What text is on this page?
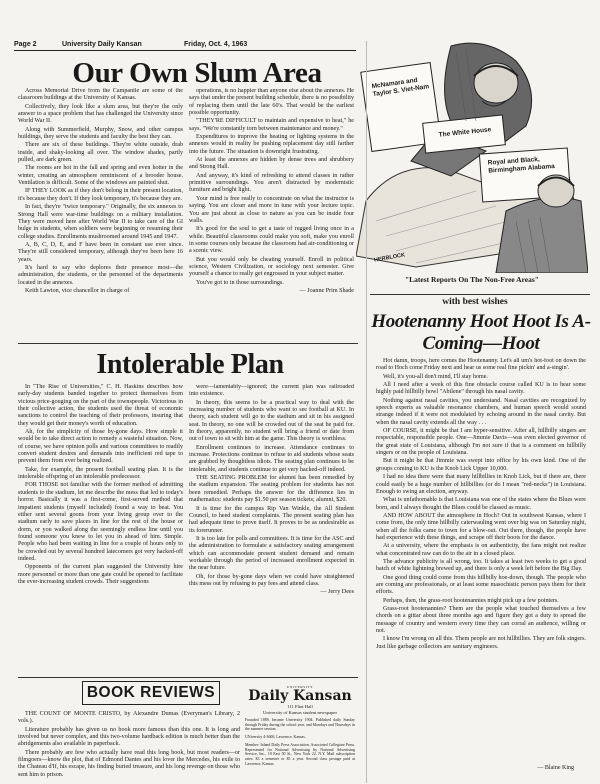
Page 2	University Daily Kansan	Friday, Oct. 4, 1963
Our Own Slum Area

Across Memorial Drive from the Campanile are some of the classroom buildings at the University of Kansas.

Collectively, they look like a slum area, but they're the only answer to a space problem that has challenged the University since World War II.

Along with Summerfield, Murphy, Snow, and other campus buildings, they serve the students and faculty the best they can.

There are six of these buildings. They're white outside, drab inside, and shaky-looking all over. The window shades, partly pulled, are dark green.

The rooms are hot in the fall and spring and even hotter in the winter, creating an atmosphere reminiscent of a brooder house. Ventilation is difficult. Some of the windows are painted shut.

IF THEY LOOK as if they don't belong in their present location, it's because they don't. If they look temporary, it's because they are.

In fact, they're "twice temporary." Originally, the six annexes to Strong Hall were war-time buildings on a military installation. They were moved here after World War II to take care of the GI bulge in students, when soldiers were beginning or resuming their college studies. Enrollments mushroomed around 1945 and 1947.

A, B, C, D, E, and F have been in constant use ever since. They're still considered temporary, although they've been here 16 years.

It's hard to say who deplores their presence most—the administration, the students, or the personnel of the departments located in the annexes.

Keith Lawton, vice chancellor in charge of

operations, is no happier than anyone else about the annexes. He says that under the present building schedule, there is no possibility of replacing them until the late 60's. That would be the earliest possible opportunity.

"THEY'RE DIFFICULT to maintain and expensive to heat," he says. "We're constantly torn between maintenance and money."

Expenditures to improve the heating or lighting systems in the annexes would in reality be pushing replacement day still farther into the future. The situation is downright frustrating.

At least the annexes are hidden by dense trees and shrubbery and Strong Hall.

And anyway, it's kind of refreshing to attend classes in rather primitive surroundings. You aren't distracted by modernistic furniture and bright light.

Your mind is free really to concentrate on what the instructor is saying. You are closer and more in tune with your lecture topic. You are just about as close to nature as you can be inside four walls.

It's good for the soul to get a taste of rugged living once in a while. Beautiful classrooms could make you soft, make you enroll in some courses only because the classroom had air-conditioning or a scenic view.

But you would only be cheating yourself. Enroll in political science, Western Civilization, or sociology next semester. Give yourself a chance to really get engrossed in your subject matter.

You've got to in those surroundings.

— Joanne Prim Shade
McNamara and Taylor S. Viet-Nam
The White House
Royal and Black, Birmingham Alabama
HERBLOCK
"Latest Reports On The Non-Free Areas"
with best wishes
Hootenanny Hoot Hoot Is A-Coming—Hoot

Hot damn, troops, here comes the Hootenanny. Let's all um's hot-foot on down the road to Hoch come Friday next and hear us some real fine pickin' and a-singin'.

Well, it's you-all don't mind, I'll stay home.

All I need after a week of this fine obstacle course called KU is to hear some highly paid hillbilly howl "Abilene" through his nasal cavity.

Nothing against nasal cavities, you understand. Nasal cavities are recognized by speech experts as valuable resonance chambers, and human speech would sound strange indeed if it were not modulated by echoing around in the nasal cavity. But when the nasal cavity extends all the way . . .

OF COURSE, it might be that I am hyper-sensitive. After all, hillbilly singers are respectable, responsible people. One—Jimmie Davis—was even elected governor of the great state of Louisiana, although I'm not sure if that is a comment on hillbilly singers or on the people of Louisiana.

But it might be that Jimmie was swept into office by his own kind. One of the groups coming to KU is the Knob Lick Upper 10,000.

I had no idea there were that many hillbillies in Knob Lick, but if there are, there could easily be a huge number of hillbillies (or do I mean "red-necks") in Louisiana. Enough to swing an election, anyway.

What is unfathomable is that Louisiana was one of the states where the Blues were born, and I always thought the Blues could be classed as music.

AND HOW ABOUT the atmosphere in Hoch? Out in southwest Kansas, where I come from, the only time hillbilly caterwauling went over big was on Saturday night, when all the folks came to town for a blow-out. Out there, though, the people have had experience with these things, and scrape off their boots for the dance.

At a university, where the emphasis is on authenticity, the fans might not realize what concentrated raw can do to the air in a closed place.

The advance publicity is all wrong, too. It takes at least two weeks to get a good batch of white lightning brewed up, and there is only a week left before the Big Day.

One good thing could come from this hillbilly hoe-down, though. The people who are coming are professionals, or at least some masochistic person pays them for their efforts.

Perhaps, then, the grass-root hootenannies might pick up a few pointers.

Grass-root hootenannies? Them are the people what touched themselves a few chords on a gittar about three months ago and figure they got a duty to spread the message of country and western every time they can corral an audience, willing or not.

I know I'm wrong on all this. Them people are not hillbillies. They are folk singers. Just like garbage collectors are sanitary engineers.

— Blaine King
Intolerable Plan

In "The Rise of Universities," C. H. Haskins describes how early-day students banded together to protect themselves from vicious price-gouging on the part of the townspeople. Victorious in their collective action, the students used the threat of economic sanctions to control the teaching of their professors, insuring that they would get their money's worth of education.

Ah, for the simplicity of those by-gone days. How simple it would be to take direct action to remedy a wasteful situation. Now, of course, we have opinion polls and various committees to readily convert student desires and demands into inefficient red tape to prevent them from ever being realized.

Take, for example, the present football seating plan. It is the intolerable offspring of an intolerable predecessor.

FOR THOSE not familiar with the former method of admitting students to the stadium, let me describe the mess that led to today's horror. Basically it was a first-come, first-served method that impatient students (myself included) found a way to beat. You either sent several goons from your living group over to the stadium early to save places in line for the rest of the house or dorm, or you walked along the seemingly endless line until you found someone you knew to let you in ahead of him. Simple. People who had been waiting in line for a couple of hours only to be crowded out by several hundred latecomers got very hacked-off indeed.

Opponents of the current plan suggested the University hire more personnel or more than one gate could be opened to facilitate the ever-increasing student crowds. Their suggestions

were—lamentably—ignored; the current plan was railroaded into existence.

In theory, this seems to be a practical way to deal with the increasing number of students who want to see football at KU. In theory, each student will go to the stadium and sit in his assigned seat. In theory, no one will be crowded out of the seat he paid for. In theory, apparently, no student will bring a friend or date from out of town to sit with him at the game. This theory is worthless.

Enrollment continues to increase. Attendance continues to increase. Protections continue to refuse to aid students whose seats are grabbed by thoughtless idiots. The seating plan continues to be intolerable, and students continue to get very hacked-off indeed.

THE SEATING PROBLEM for alumni has been remedied by the stadium expansion. The seating problem for students has not been remedied. Perhaps the answer for the difference lies in mathematics: students pay $1.50 per season tickets; alumni, $20.

It is time for the campus Rip Van Winkle, the All Student Council, to heed student complaints. The present seating plan has had adequate time to prove itself. It proves to be as undesirable as its forerunner.

It is too late for polls and committees. It is time for the ASC and the administration to formulate a satisfactory seating arrangement which can accommodate present student demand and remain workable through the period of increased enrollment expected in the near future.

Oh, for those by-gone days when we could have straightened this mess out by refusing to pay fees and attend class.

— Jerry Dees
BOOK REVIEWS

THE COUNT OF MONTE CRISTO, by Alexandre Dumas (Everyman's Library, 2 vols.).

Literature probably has given us no book more famous than this one. It is long and involved but never complex, and this two-volume hardback edition is much better than the abridgements also available in paperback.

There probably are few who actually have read this long book, but most readers—or filmgoers—know the plot, that of Edmond Dantes and his lover the Mercedes, his exile to the Chateau d'If, his escape, his finding buried treasure, and his long revenge on those who sent him to prison.

UNIVERSITY
Daily Kansan
111 Flint Hall
University of Kansas student newspaper
Founded 1889, became University 1904. Published daily Sunday through Friday during the school year, and Mondays and Thursdays in the summer session.
UNiversity 4-3600, Lawrence, Kansas.
Member: Inland Daily Press Association, Associated Collegiate Press. Represented for National Advertising by National Advertising Service, Inc., 18 East 50 St., New York 22, N.Y. Mail subscription rates: $3 a semester or $5 a year. Second class postage paid at Lawrence, Kansas.
